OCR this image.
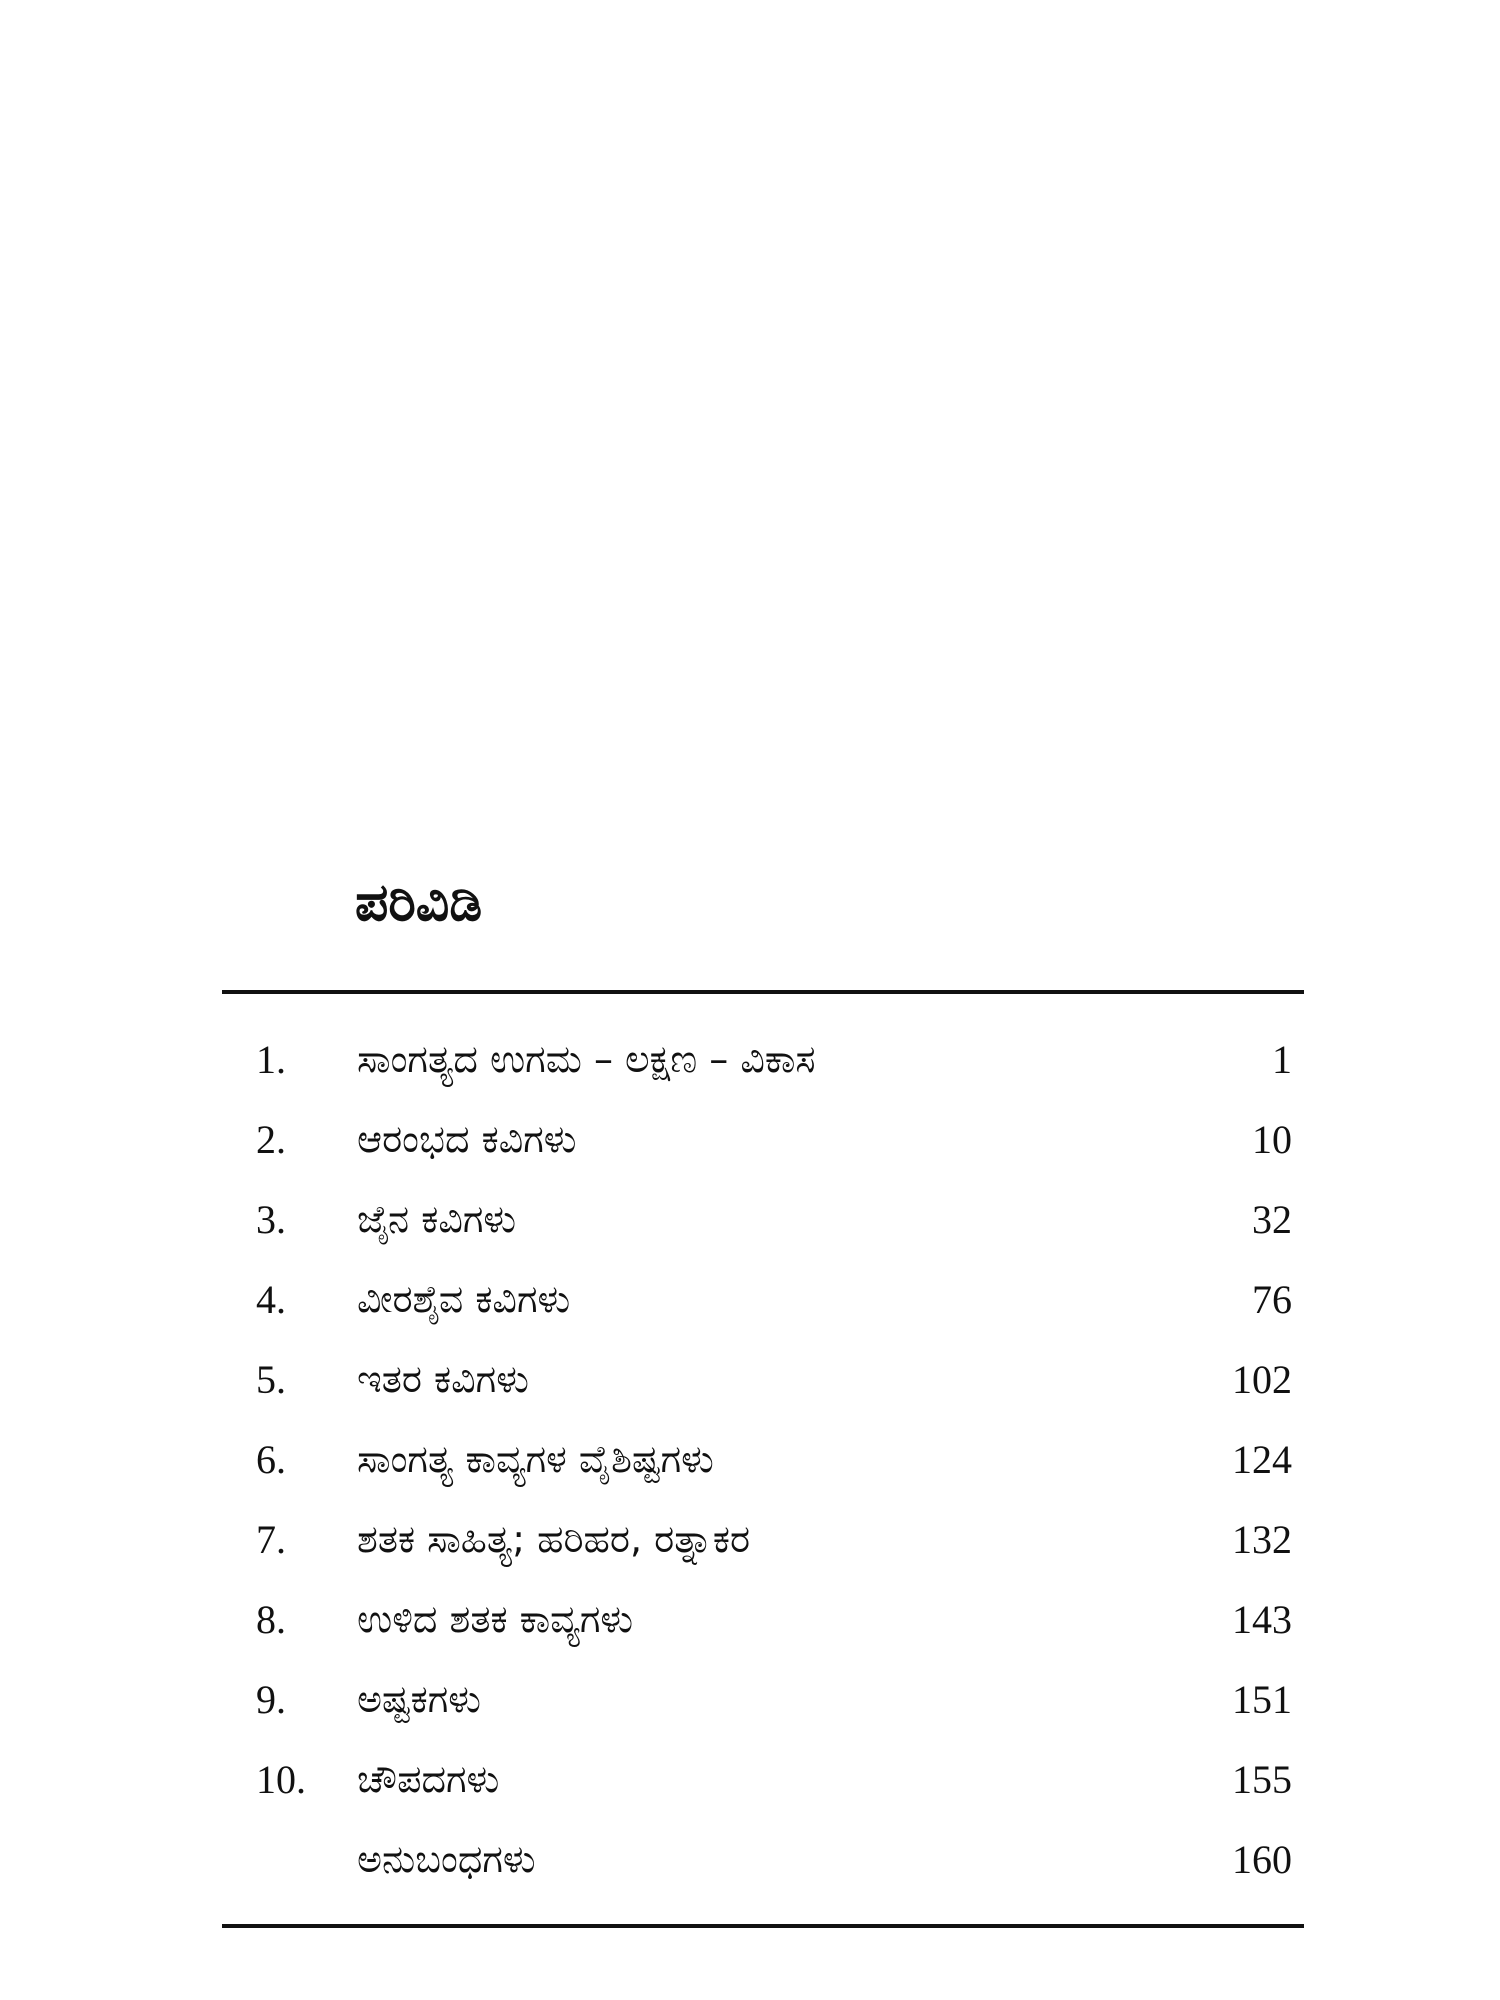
ಪರಿವಿಡಿ
1. ಸಾಂಗತ್ಯದ ಉಗಮ – ಲಕ್ಷಣ – ವಿಕಾಸ	1
2. ಆರಂಭದ ಕವಿಗಳು	10
3. ಜೈನ ಕವಿಗಳು	32
4. ವೀರಶೈವ ಕವಿಗಳು	76
5. ಇತರ ಕವಿಗಳು	102
6. ಸಾಂಗತ್ಯ ಕಾವ್ಯಗಳ ವೈಶಿಷ್ಟಗಳು	124
7. ಶತಕ ಸಾಹಿತ್ಯ; ಹರಿಹರ, ರತ್ನಾಕರ	132
8. ಉಳಿದ ಶತಕ ಕಾವ್ಯಗಳು	143
9. ಅಷ್ಟಕಗಳು	151
10. ಚೌಪದಗಳು	155
ಅನುಬಂಧಗಳು	160
